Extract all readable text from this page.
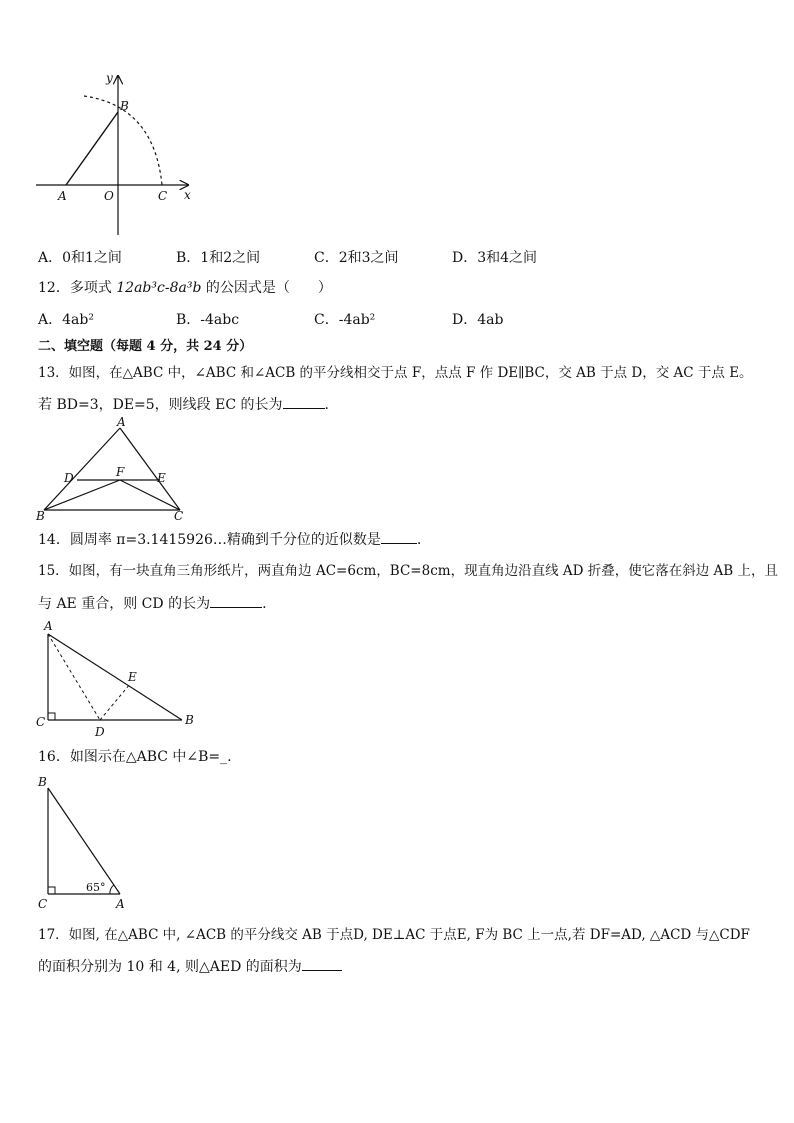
y
x
B
A	O	C
A．0和1之间	B．1和2之间	C．2和3之间	D．3和4之间
12．多项式 12ab³c-8a³b 的公因式是（　　）
A．4ab²	B．-4abc	C．-4ab²	D．4ab
二、填空题（每题 4 分，共 24 分）
13．如图，在△ABC 中，∠ABC 和∠ACB 的平分线相交于点 F，点点 F 作 DE∥BC，交 AB 于点 D，交 AC 于点 E。
若 BD=3，DE=5，则线段 EC 的长为	.
A
B	C
D	E
F
14．圆周率 π=3.1415926…精确到千分位的近似数是	.
15．如图，有一块直角三角形纸片，两直角边 AC=6cm，BC=8cm，现直角边沿直线 AD 折叠，使它落在斜边 AB 上，且
与 AE 重合，则 CD 的长为	.
A
C
D
E
B
16．如图示在△ABC 中∠B=_.
B
C	A
65°
17．如图, 在△ABC 中, ∠ACB 的平分线交 AB 于点D, DE⊥AC 于点E, F为 BC 上一点,若 DF=AD, △ACD 与△CDF
的面积分别为 10 和 4, 则△AED 的面积为
